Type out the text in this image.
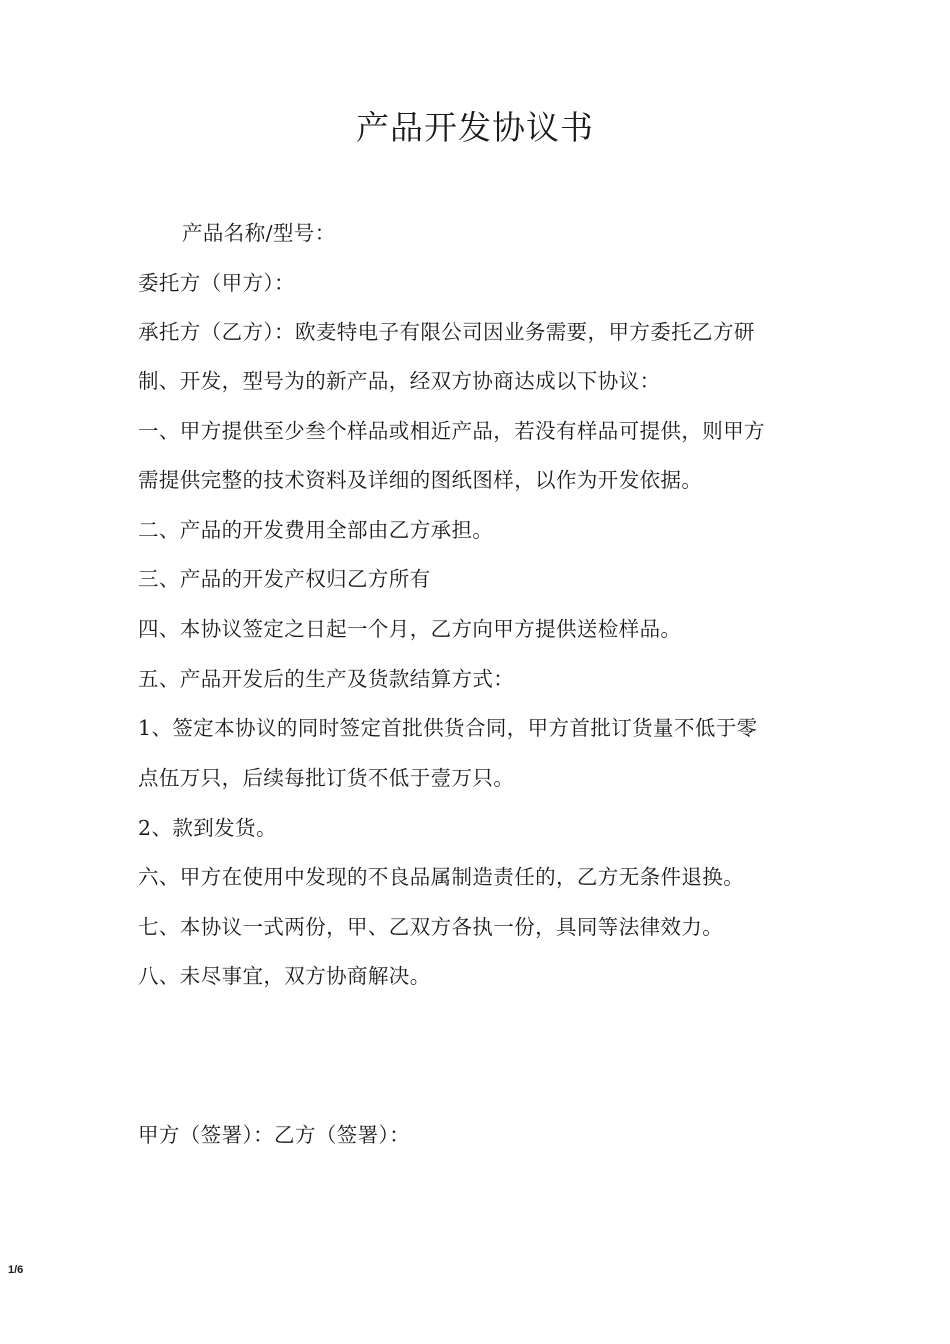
产品开发协议书
产品名称/型号：
委托方（甲方）：
承托方（乙方）：欧麦特电子有限公司因业务需要，甲方委托乙方研
制、开发，型号为的新产品，经双方协商达成以下协议：
一、甲方提供至少叁个样品或相近产品，若没有样品可提供，则甲方
需提供完整的技术资料及详细的图纸图样，以作为开发依据。
二、产品的开发费用全部由乙方承担。
三、产品的开发产权归乙方所有
四、本协议签定之日起一个月，乙方向甲方提供送检样品。
五、产品开发后的生产及货款结算方式：
1、签定本协议的同时签定首批供货合同，甲方首批订货量不低于零
点伍万只，后续每批订货不低于壹万只。
2、款到发货。
六、甲方在使用中发现的不良品属制造责任的，乙方无条件退换。
七、本协议一式两份，甲、乙双方各执一份，具同等法律效力。
八、未尽事宜，双方协商解决。
甲方（签署）：乙方（签署）：
1/6
